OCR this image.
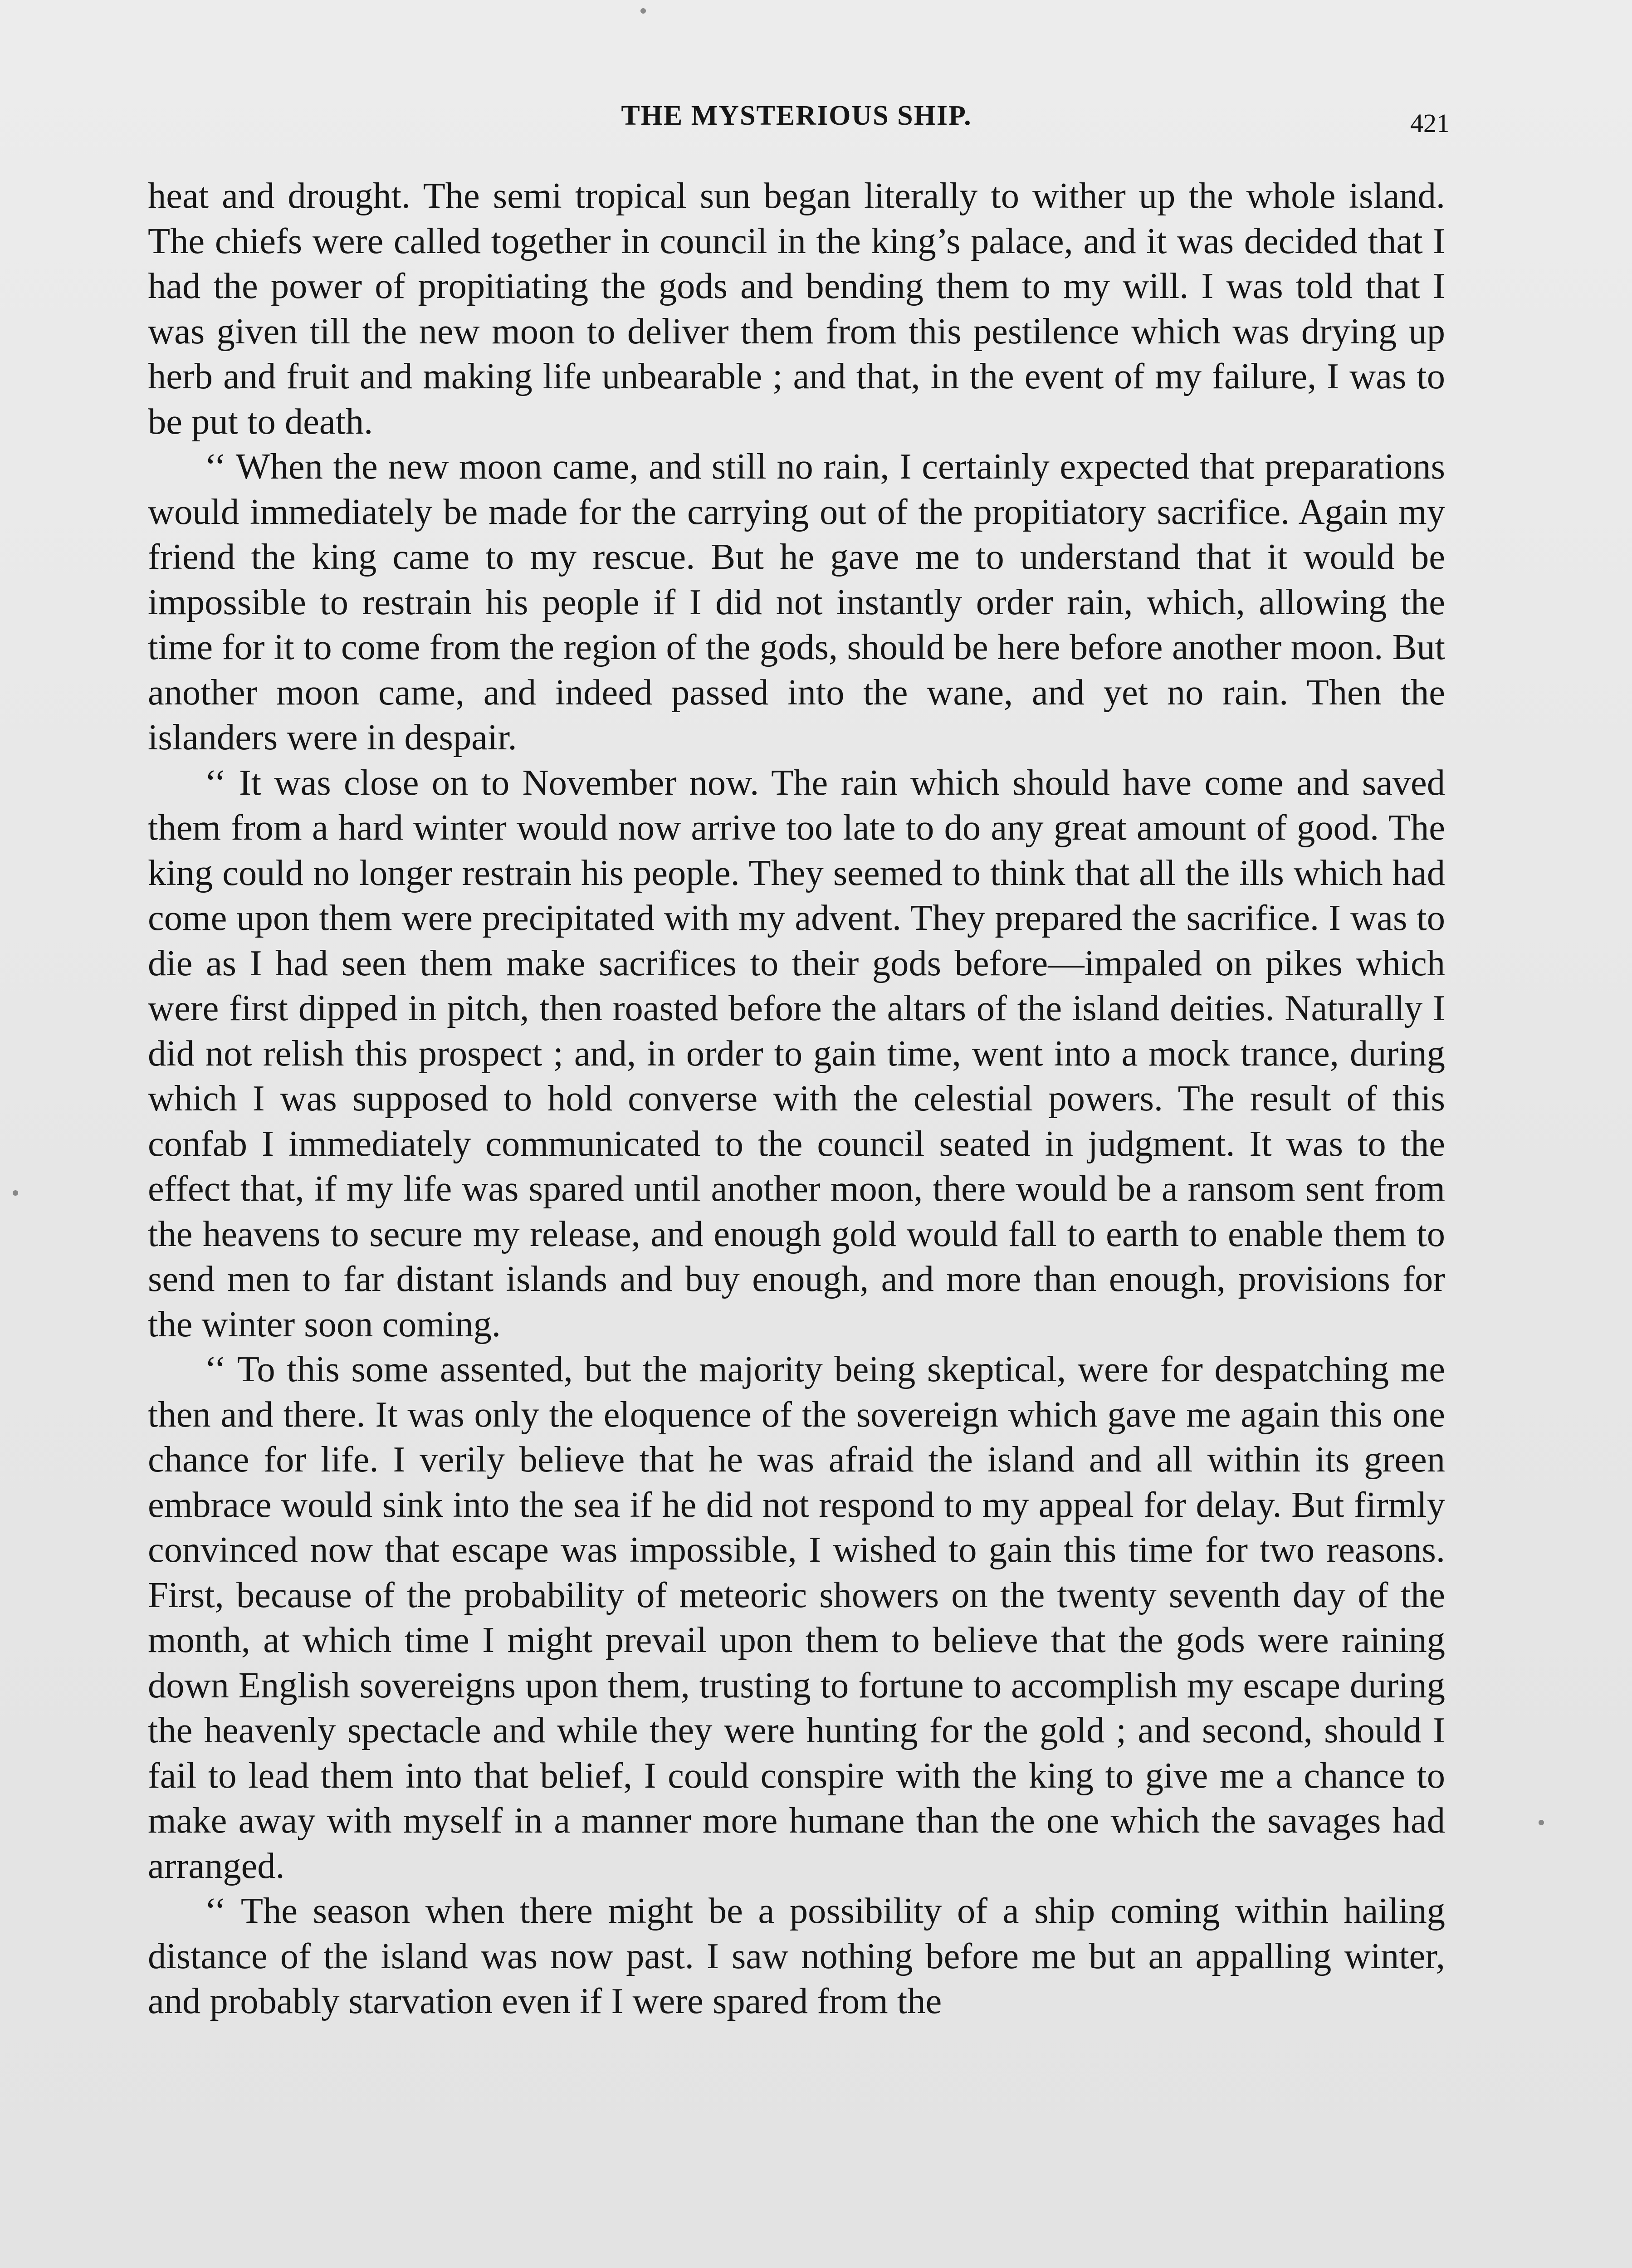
THE MYSTERIOUS SHIP.	421

heat and drought. The semi tropical sun began literally to wither up the whole island. The chiefs were called together in council in the king’s palace, and it was decided that I had the power of propitiating the gods and bending them to my will. I was told that I was given till the new moon to deliver them from this pestilence which was drying up herb and fruit and making life unbearable ; and that, in the event of my failure, I was to be put to death.

‘‘ When the new moon came, and still no rain, I certainly expected that preparations would immediately be made for the carrying out of the propitiatory sacrifice. Again my friend the king came to my rescue. But he gave me to understand that it would be impossible to restrain his people if I did not instantly order rain, which, allowing the time for it to come from the region of the gods, should be here before another moon. But another moon came, and indeed passed into the wane, and yet no rain. Then the islanders were in despair.

‘‘ It was close on to November now. The rain which should have come and saved them from a hard winter would now arrive too late to do any great amount of good. The king could no longer restrain his people. They seemed to think that all the ills which had come upon them were precipitated with my advent. They prepared the sacrifice. I was to die as I had seen them make sacrifices to their gods before—impaled on pikes which were first dipped in pitch, then roasted before the altars of the island deities. Naturally I did not relish this prospect ; and, in order to gain time, went into a mock trance, during which I was supposed to hold converse with the celestial powers. The result of this confab I immediately communicated to the council seated in judgment. It was to the effect that, if my life was spared until another moon, there would be a ransom sent from the heavens to secure my release, and enough gold would fall to earth to enable them to send men to far distant islands and buy enough, and more than enough, provisions for the winter soon coming.

‘‘ To this some assented, but the majority being skeptical, were for despatching me then and there. It was only the eloquence of the sovereign which gave me again this one chance for life. I verily believe that he was afraid the island and all within its green embrace would sink into the sea if he did not respond to my appeal for delay. But firmly convinced now that escape was impossible, I wished to gain this time for two reasons. First, because of the probability of meteoric showers on the twenty seventh day of the month, at which time I might prevail upon them to believe that the gods were raining down English sovereigns upon them, trusting to fortune to accomplish my escape during the heavenly spectacle and while they were hunting for the gold ; and second, should I fail to lead them into that belief, I could conspire with the king to give me a chance to make away with myself in a manner more humane than the one which the savages had arranged.

‘‘ The season when there might be a possibility of a ship coming within hailing distance of the island was now past. I saw nothing before me but an appalling winter, and probably starvation even if I were spared from the
